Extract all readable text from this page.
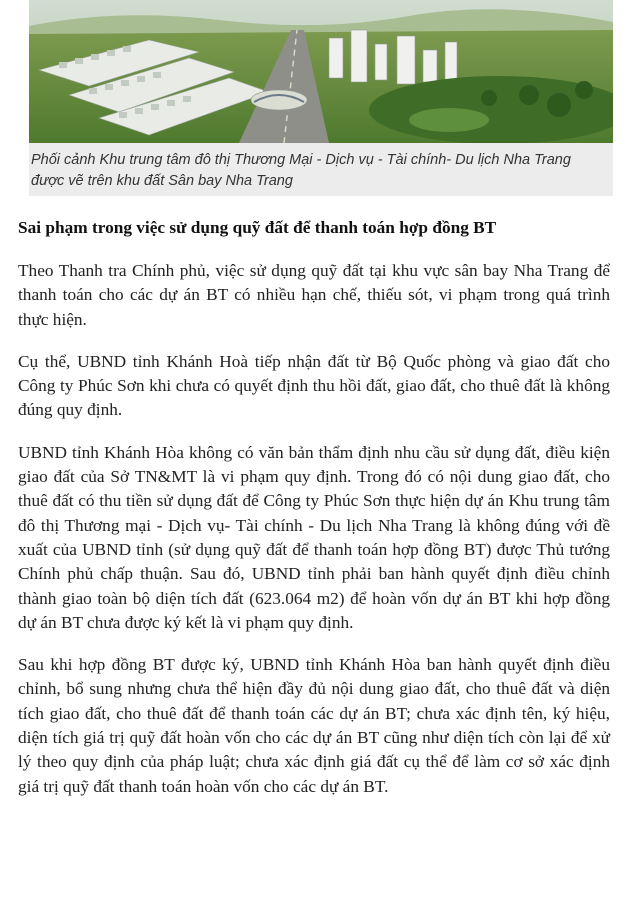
Phối cảnh Khu trung tâm đô thị Thương Mại - Dịch vụ - Tài chính- Du lịch Nha Trang được vẽ trên khu đất Sân bay Nha Trang
Sai phạm trong việc sử dụng quỹ đất để thanh toán hợp đồng BT

Theo Thanh tra Chính phủ, việc sử dụng quỹ đất tại khu vực sân bay Nha Trang để thanh toán cho các dự án BT có nhiều hạn chế, thiếu sót, vi phạm trong quá trình thực hiện.

Cụ thể, UBND tỉnh Khánh Hoà tiếp nhận đất từ Bộ Quốc phòng và giao đất cho Công ty Phúc Sơn khi chưa có quyết định thu hồi đất, giao đất, cho thuê đất là không đúng quy định.

UBND tỉnh Khánh Hòa không có văn bản thẩm định nhu cầu sử dụng đất, điều kiện giao đất của Sở TN&MT là vi phạm quy định. Trong đó có nội dung giao đất, cho thuê đất có thu tiền sử dụng đất để Công ty Phúc Sơn thực hiện dự án Khu trung tâm đô thị Thương mại - Dịch vụ- Tài chính - Du lịch Nha Trang là không đúng với đề xuất của UBND tỉnh (sử dụng quỹ đất để thanh toán hợp đồng BT) được Thủ tướng Chính phủ chấp thuận. Sau đó, UBND tỉnh phải ban hành quyết định điều chỉnh thành giao toàn bộ diện tích đất (623.064 m2) để hoàn vốn dự án BT khi hợp đồng dự án BT chưa được ký kết là vi phạm quy định.

Sau khi hợp đồng BT được ký, UBND tỉnh Khánh Hòa ban hành quyết định điều chỉnh, bổ sung nhưng chưa thể hiện đầy đủ nội dung giao đất, cho thuê đất và diện tích giao đất, cho thuê đất để thanh toán các dự án BT; chưa xác định tên, ký hiệu, diện tích giá trị quỹ đất hoàn vốn cho các dự án BT cũng như diện tích còn lại để xử lý theo quy định của pháp luật; chưa xác định giá đất cụ thể để làm cơ sở xác định giá trị quỹ đất thanh toán hoàn vốn cho các dự án BT.
